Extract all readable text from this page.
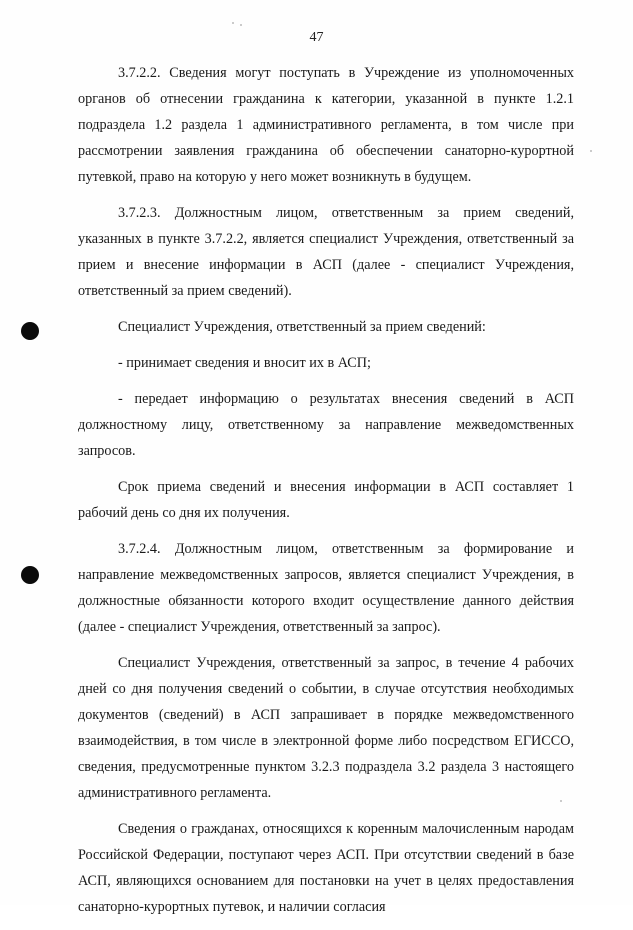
47

3.7.2.2. Сведения могут поступать в Учреждение из уполномоченных органов об отнесении гражданина к категории, указанной в пункте 1.2.1 подраздела 1.2 раздела 1 административного регламента, в том числе при рассмотрении заявления гражданина об обеспечении санаторно-курортной путевкой, право на которую у него может возникнуть в будущем.

3.7.2.3. Должностным лицом, ответственным за прием сведений, указанных в пункте 3.7.2.2, является специалист Учреждения, ответственный за прием и внесение информации в АСП (далее - специалист Учреждения, ответственный за прием сведений).

Специалист Учреждения, ответственный за прием сведений:

- принимает сведения и вносит их в АСП;

- передает информацию о результатах внесения сведений в АСП должностному лицу, ответственному за направление межведомственных запросов.

Срок приема сведений и внесения информации в АСП составляет 1 рабочий день со дня их получения.

3.7.2.4. Должностным лицом, ответственным за формирование и направление межведомственных запросов, является специалист Учреждения, в должностные обязанности которого входит осуществление данного действия (далее - специалист Учреждения, ответственный за запрос).

Специалист Учреждения, ответственный за запрос, в течение 4 рабочих дней со дня получения сведений о событии, в случае отсутствия необходимых документов (сведений) в АСП запрашивает в порядке межведомственного взаимодействия, в том числе в электронной форме либо посредством ЕГИССО, сведения, предусмотренные пунктом 3.2.3 подраздела 3.2 раздела 3 настоящего административного регламента.

Сведения о гражданах, относящихся к коренным малочисленным народам Российской Федерации, поступают через АСП. При отсутствии сведений в базе АСП, являющихся основанием для постановки на учет в целях предоставления санаторно-курортных путевок, и наличии согласия
